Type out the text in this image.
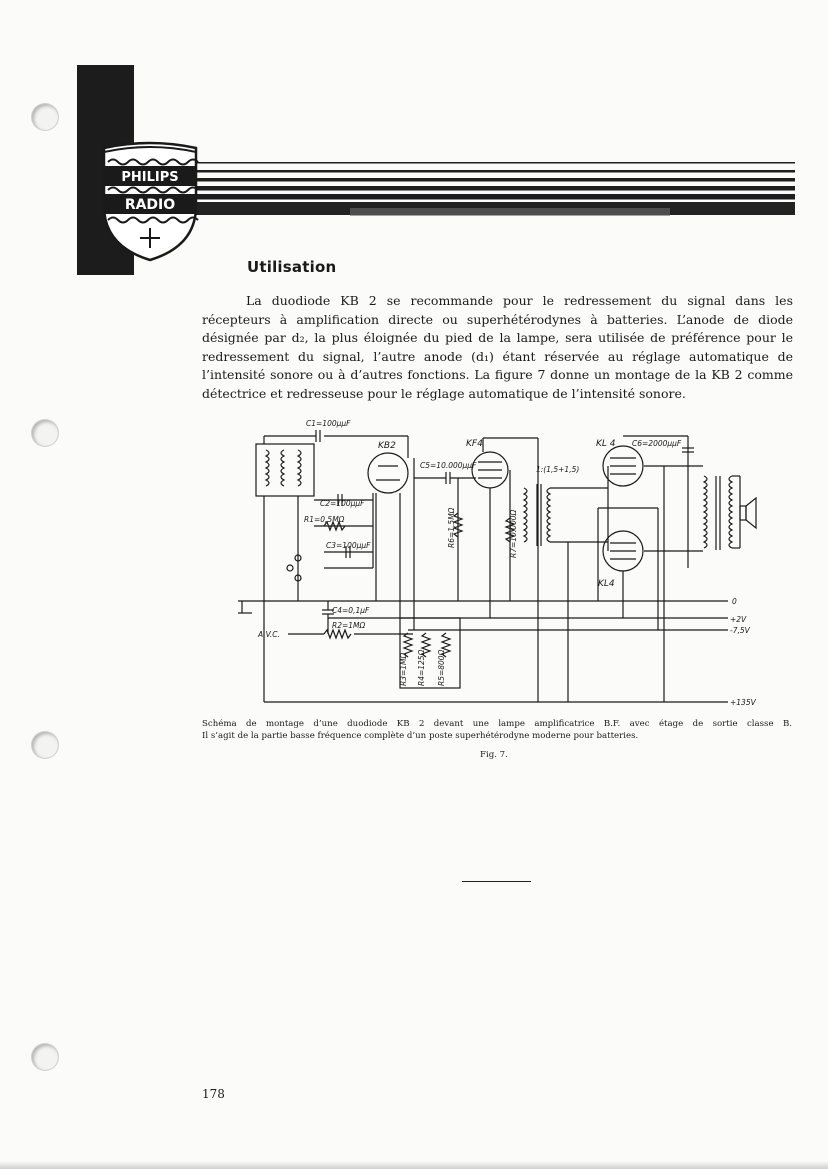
PHILIPS
RADIO
Utilisation

La duodiode KB 2 se recommande pour le redressement du signal dans les récepteurs à amplification directe ou superhétérodynes à batteries. L’anode de diode désignée par d₂, la plus éloignée du pied de la lampe, sera utilisée de préférence pour le redressement du signal, l’autre anode (d₁) étant réservée au réglage automatique de l’intensité sonore ou à d’autres fonctions. La figure 7 donne un montage de la KB 2 comme détectrice et redresseuse pour le réglage automatique de l’intensité sonore.

C1=100μμF
KB2	KF4
C5=10.000μμF
KL 4 C6=2000μμF
1:(1,5+1,5)
C2=100μμF
R1=0,5MΩ
C3=100μμF	R6=1,5MΩ	R7=10.000Ω
KL4
C4=0,1μF
R2=1MΩ
A.V.C.
R3=1MΩ R4=125Ω R5=800Ω
0
+2V
-7,5V
+135V
Schéma de montage d’une duodiode KB 2 devant une lampe amplificatrice B.F. avec étage de sortie classe B.
Il s’agit de la partie basse fréquence complète d’un poste superhétérodyne moderne pour batteries.
Fig. 7.
178
